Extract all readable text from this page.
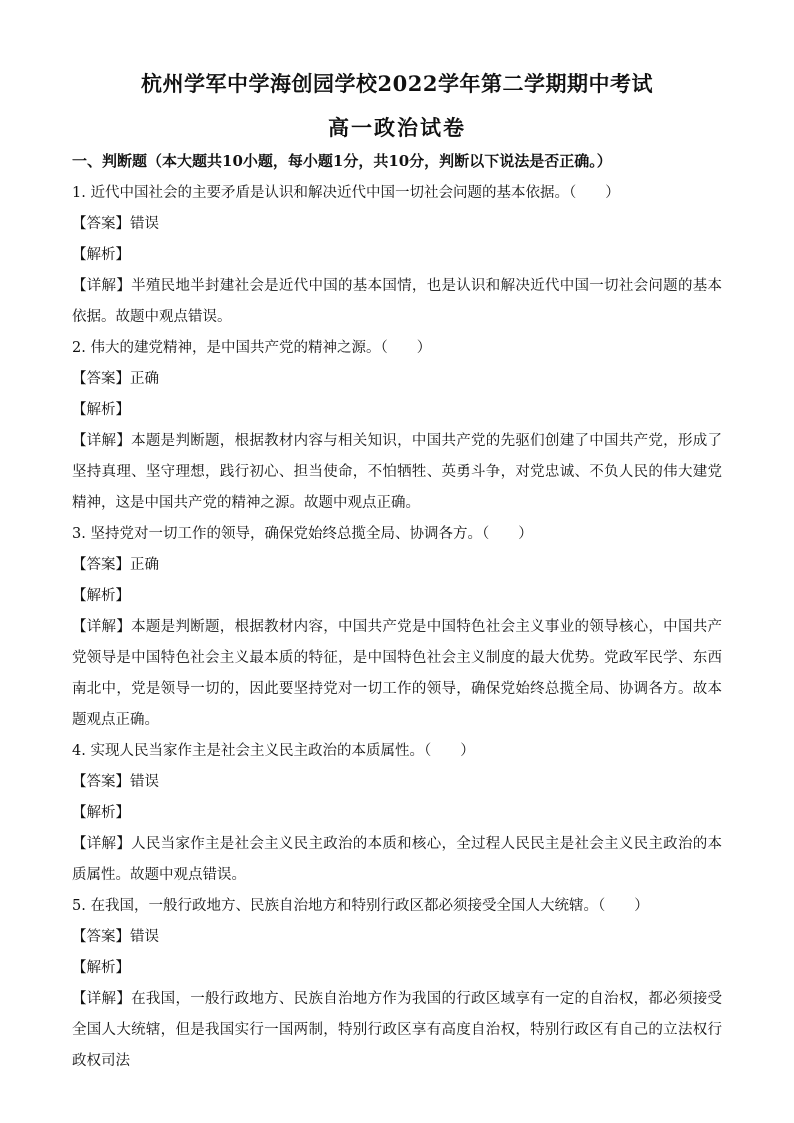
杭州学军中学海创园学校2022学年第二学期期中考试
高一政治试卷
一、判断题（本大题共10小题，每小题1分，共10分，判断以下说法是否正确。）

1. 近代中国社会的主要矛盾是认识和解决近代中国一切社会问题的基本依据。（　　）

【答案】错误

【解析】

【详解】半殖民地半封建社会是近代中国的基本国情，也是认识和解决近代中国一切社会问题的基本依据。故题中观点错误。

2. 伟大的建党精神，是中国共产党的精神之源。（　　）

【答案】正确

【解析】

【详解】本题是判断题，根据教材内容与相关知识，中国共产党的先驱们创建了中国共产党，形成了坚持真理、坚守理想，践行初心、担当使命，不怕牺牲、英勇斗争，对党忠诚、不负人民的伟大建党精神，这是中国共产党的精神之源。故题中观点正确。

3. 坚持党对一切工作的领导，确保党始终总揽全局、协调各方。（　　）

【答案】正确

【解析】

【详解】本题是判断题，根据教材内容，中国共产党是中国特色社会主义事业的领导核心，中国共产党领导是中国特色社会主义最本质的特征，是中国特色社会主义制度的最大优势。党政军民学、东西南北中，党是领导一切的，因此要坚持党对一切工作的领导，确保党始终总揽全局、协调各方。故本题观点正确。

4. 实现人民当家作主是社会主义民主政治的本质属性。（　　）

【答案】错误

【解析】

【详解】人民当家作主是社会主义民主政治的本质和核心，全过程人民民主是社会主义民主政治的本质属性。故题中观点错误。

5. 在我国，一般行政地方、民族自治地方和特别行政区都必须接受全国人大统辖。（　　）

【答案】错误

【解析】

【详解】在我国，一般行政地方、民族自治地方作为我国的行政区域享有一定的自治权，都必须接受全国人大统辖，但是我国实行一国两制，特别行政区享有高度自治权，特别行政区有自己的立法权行政权司法
